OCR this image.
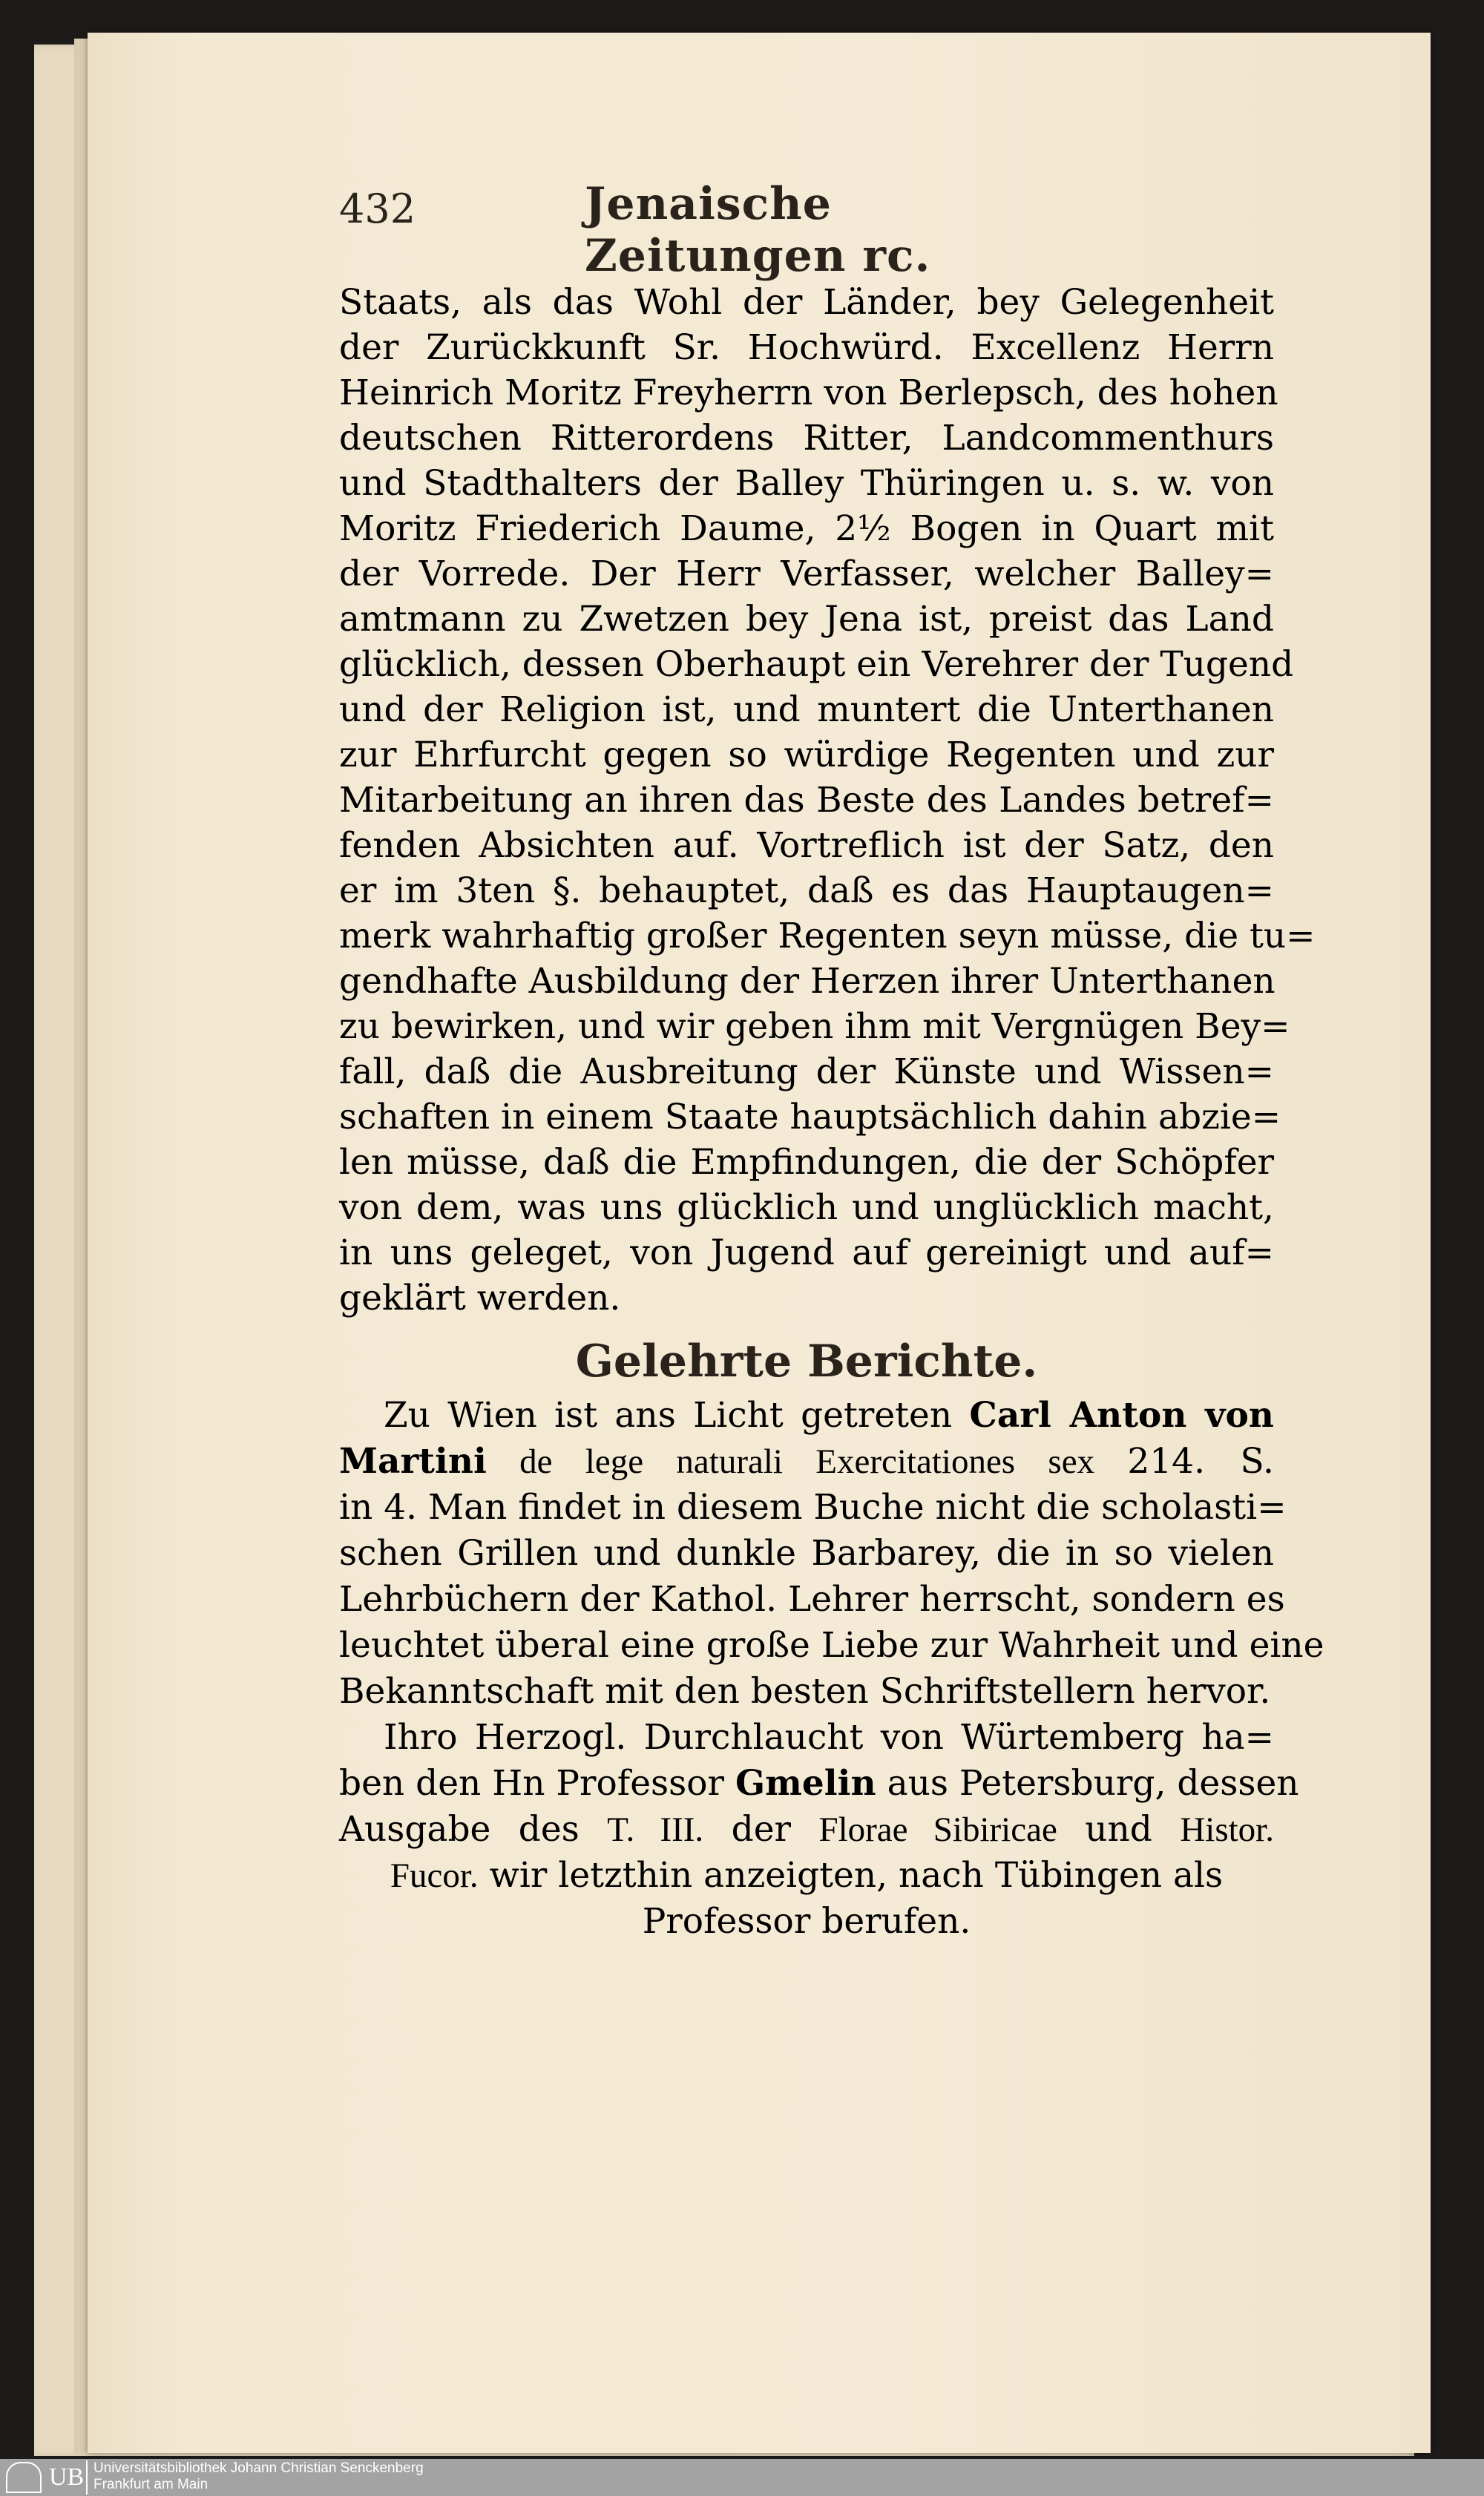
432	Jenaische Zeitungen rc.
Staats, als das Wohl der Länder, bey Gelegenheit
der Zurückkunft Sr. Hochwürd. Excellenz Herrn
Heinrich Moritz Freyherrn von Berlepsch, des hohen
deutschen Ritterordens Ritter, Landcommenthurs
und Stadthalters der Balley Thüringen u. s. w. von
Moritz Friederich Daume, 2½ Bogen in Quart mit
der Vorrede. Der Herr Verfasser, welcher Balley=
amtmann zu Zwetzen bey Jena ist, preist das Land
glücklich, dessen Oberhaupt ein Verehrer der Tugend
und der Religion ist, und muntert die Unterthanen
zur Ehrfurcht gegen so würdige Regenten und zur
Mitarbeitung an ihren das Beste des Landes betref=
fenden Absichten auf. Vortreflich ist der Satz, den
er im 3ten §. behauptet, daß es das Hauptaugen=
merk wahrhaftig großer Regenten seyn müsse, die tu=
gendhafte Ausbildung der Herzen ihrer Unterthanen
zu bewirken, und wir geben ihm mit Vergnügen Bey=
fall, daß die Ausbreitung der Künste und Wissen=
schaften in einem Staate hauptsächlich dahin abzie=
len müsse, daß die Empfindungen, die der Schöpfer
von dem, was uns glücklich und unglücklich macht,
in uns geleget, von Jugend auf gereinigt und auf=
geklärt werden.
Gelehrte Berichte.
Zu Wien ist ans Licht getreten Carl Anton von
Martini de lege naturali Exercitationes sex 214. S.
in 4. Man findet in diesem Buche nicht die scholasti=
schen Grillen und dunkle Barbarey, die in so vielen
Lehrbüchern der Kathol. Lehrer herrscht, sondern es
leuchtet überal eine große Liebe zur Wahrheit und eine
Bekanntschaft mit den besten Schriftstellern hervor.
Ihro Herzogl. Durchlaucht von Würtemberg ha=
ben den Hn Professor Gmelin aus Petersburg, dessen
Ausgabe des T. III. der Florae Sibiricae und Histor.
Fucor. wir letzthin anzeigten, nach Tübingen als
Professor berufen.
UB Universitätsbibliothek Johann Christian Senckenberg
Frankfurt am Main
